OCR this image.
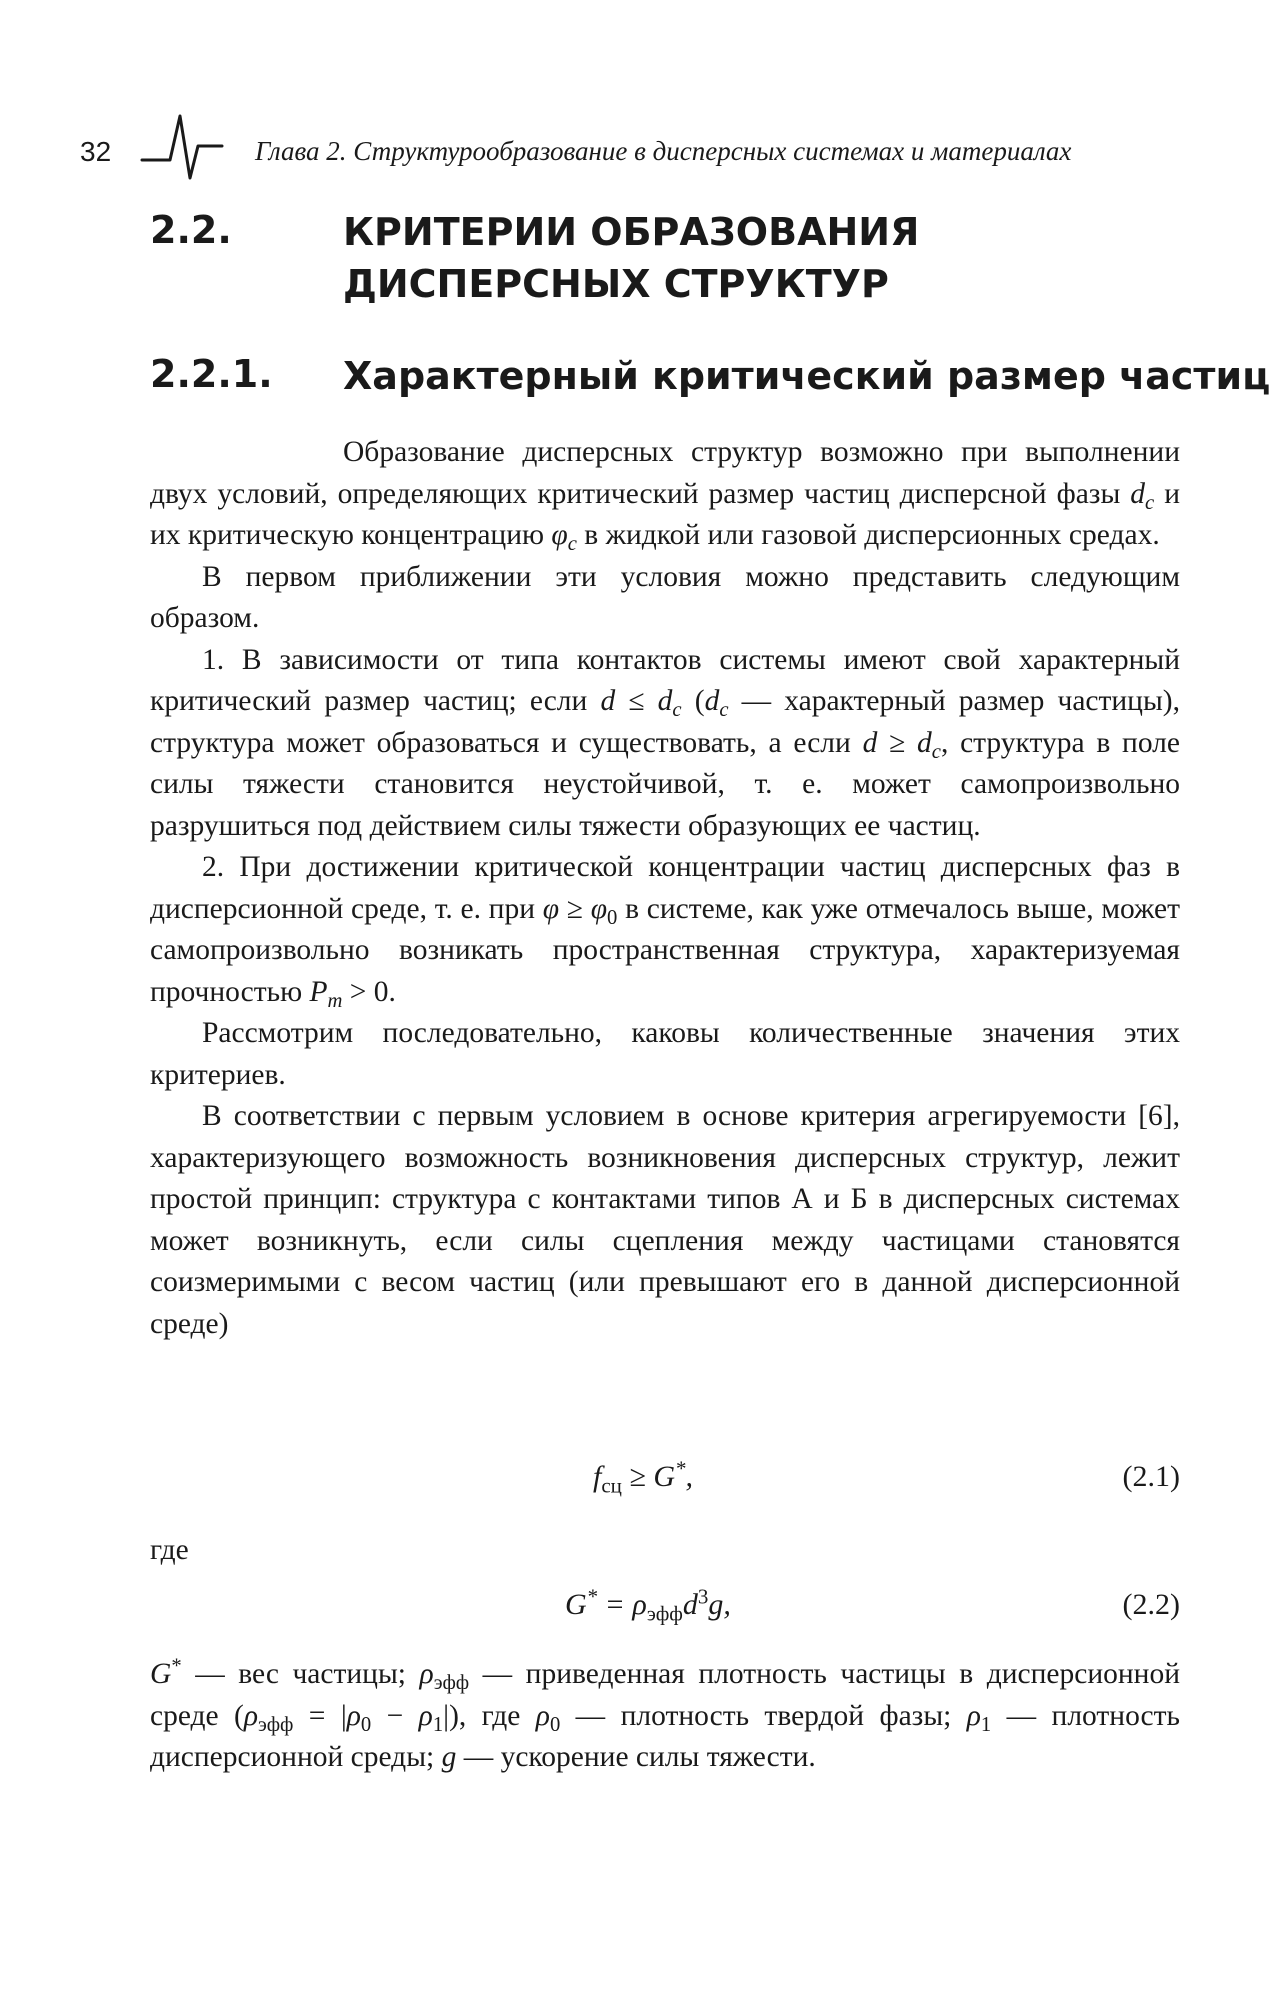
32	Глава 2. Структурообразование в дисперсных системах и материалах
2.2.	КРИТЕРИИ ОБРАЗОВАНИЯ
ДИСПЕРСНЫХ СТРУКТУР
2.2.1. Характерный критический размер частиц

Образование дисперсных структур возможно при выполнении двух условий, определяющих критический размер частиц дисперсной фазы $d_c$ и их критическую концентрацию $\varphi_c$ в жидкой или газовой дисперсионных средах.

В первом приближении эти условия можно представить следующим образом.

1. В зависимости от типа контактов системы имеют свой характерный критический размер частиц; если $d \le d_c$ ($d_c$ — характерный размер частицы), структура может образоваться и существовать, а если $d \ge d_c$, структура в поле силы тяжести становится неустойчивой, т. е. может самопроизвольно разрушиться под действием силы тяжести образующих ее частиц.

2. При достижении критической концентрации частиц дисперсных фаз в дисперсионной среде, т. е. при $\varphi \ge \varphi_0$ в системе, как уже отмечалось выше, может самопроизвольно возникать пространственная структура, характеризуемая прочностью $P_m > 0$.

Рассмотрим последовательно, каковы количественные значения этих критериев.

В соответствии с первым условием в основе критерия агрегируемости [6], характеризующего возможность возникновения дисперсных структур, лежит простой принцип: структура с контактами типов А и Б в дисперсных системах может возникнуть, если силы сцепления между частицами становятся соизмеримыми с весом частиц (или превышают его в данной дисперсионной среде)

$f_{сц} \ge G^*$,	(2.1)

где

$G^* = \rho_{эфф}d^3g$,	(2.2)

G* — вес частицы; $\rho_{эфф}$ — приведенная плотность частицы в дисперсионной среде $(\rho_{эфф} = |\rho_0 - \rho_1|)$, где $\rho_0$ — плотность твердой фазы; $\rho_1$ — плотность дисперсионной среды; g — ускорение силы тяжести.
